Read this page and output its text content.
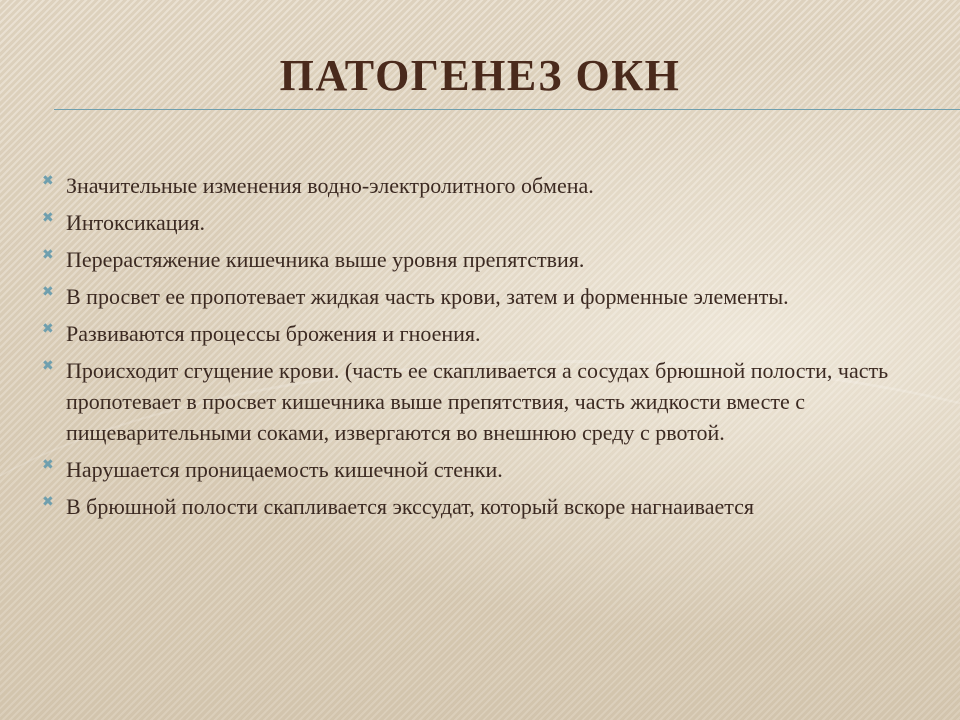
ПАТОГЕНЕЗ ОКН
✖ Значительные изменения водно-электролитного обмена.
✖ Интоксикация.
✖ Перерастяжение кишечника выше уровня препятствия.
✖ В просвет ее пропотевает жидкая часть крови, затем и форменные элементы.
✖ Развиваются процессы брожения и гноения.
✖ Происходит сгущение крови. (часть ее скапливается а сосудах брюшной полости, часть пропотевает в просвет кишечника выше препятствия, часть жидкости вместе с пищеварительными соками, извергаются во внешнюю среду с рвотой.
✖ Нарушается проницаемость кишечной стенки.
✖ В брюшной полости скапливается экссудат, который вскоре нагнаивается
